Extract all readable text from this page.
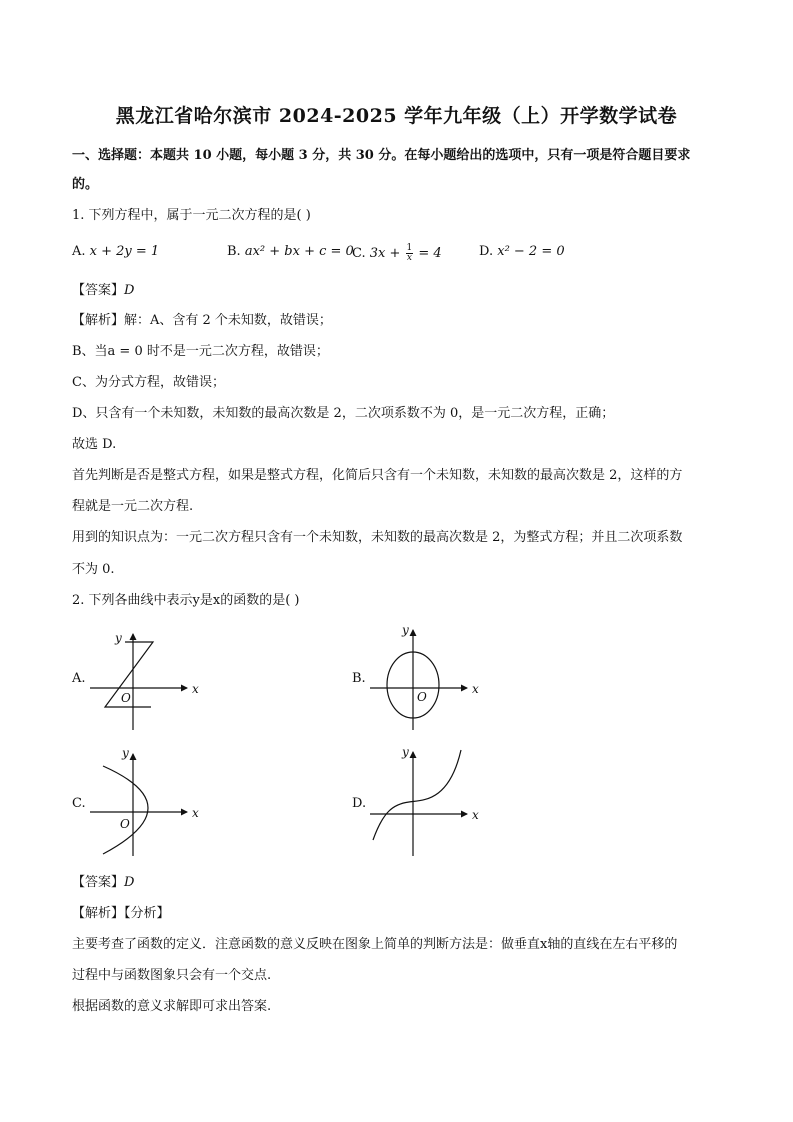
黑龙江省哈尔滨市 2024-2025 学年九年级（上）开学数学试卷
一、选择题：本题共 10 小题，每小题 3 分，共 30 分。在每小题给出的选项中，只有一项是符合题目要求
的。
1. 下列方程中，属于一元二次方程的是( )
A. x + 2y = 1	B. ax² + bx + c = 0
C. $3x + \frac{1}{x} = 4$	D. x² − 2 = 0
【答案】D
【解析】解：A、含有 2 个未知数，故错误；
B、当a = 0 时不是一元二次方程，故错误；
C、为分式方程，故错误；
D、只含有一个未知数，未知数的最高次数是 2，二次项系数不为 0，是一元二次方程，正确；
故选 D.
首先判断是否是整式方程，如果是整式方程，化简后只含有一个未知数，未知数的最高次数是 2，这样的方
程就是一元二次方程.
用到的知识点为：一元二次方程只含有一个未知数，未知数的最高次数是 2，为整式方程；并且二次项系数
不为 0.
2. 下列各曲线中表示y是x的函数的是( )
A.
y
x
O
B.
y
x
O
C.
y
x
O
D.
y
x
【答案】D
【解析】【分析】
主要考查了函数的定义．注意函数的意义反映在图象上简单的判断方法是：做垂直x轴的直线在左右平移的
过程中与函数图象只会有一个交点.
根据函数的意义求解即可求出答案.
